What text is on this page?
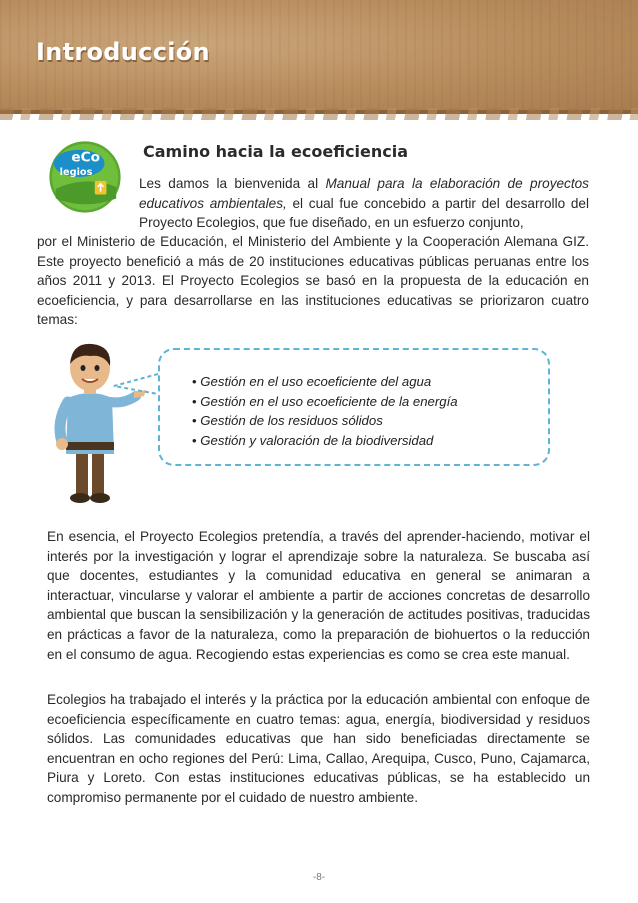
Introducción
eCo
legios
Camino hacia la ecoeficiencia

Les damos la bienvenida al Manual para la elaboración de proyectos educativos ambientales, el cual fue concebido a partir del desarrollo del Proyecto Ecolegios, que fue diseñado, en un esfuerzo conjunto,

por el Ministerio de Educación, el Ministerio del Ambiente y la Cooperación Alemana GIZ. Este proyecto benefició a más de 20 instituciones educativas públicas peruanas entre los años 2011 y 2013. El Proyecto Ecolegios se basó en la propuesta de la educación en ecoeficiencia, y para desarrollarse en las instituciones educativas se priorizaron cuatro temas:

• Gestión en el uso ecoeficiente del agua
• Gestión en el uso ecoeficiente de la energía
• Gestión de los residuos sólidos
• Gestión y valoración de la biodiversidad

En esencia, el Proyecto Ecolegios pretendía, a través del aprender-haciendo, motivar el interés por la investigación y lograr el aprendizaje sobre la naturaleza. Se buscaba así que docentes, estudiantes y la comunidad educativa en general se animaran a interactuar, vincularse y valorar el ambiente a partir de acciones concretas de desarrollo ambiental que buscan la sensibilización y la generación de actitudes positivas, traducidas en prácticas a favor de la naturaleza, como la preparación de biohuertos o la reducción en el consumo de agua. Recogiendo estas experiencias es como se crea este manual.

Ecolegios ha trabajado el interés y la práctica por la educación ambiental con enfoque de ecoeficiencia específicamente en cuatro temas: agua, energía, biodiversidad y residuos sólidos. Las comunidades educativas que han sido beneficiadas directamente se encuentran en ocho regiones del Perú: Lima, Callao, Arequipa, Cusco, Puno, Cajamarca, Piura y Loreto. Con estas instituciones educativas públicas, se ha establecido un compromiso permanente por el cuidado de nuestro ambiente.

-8-
